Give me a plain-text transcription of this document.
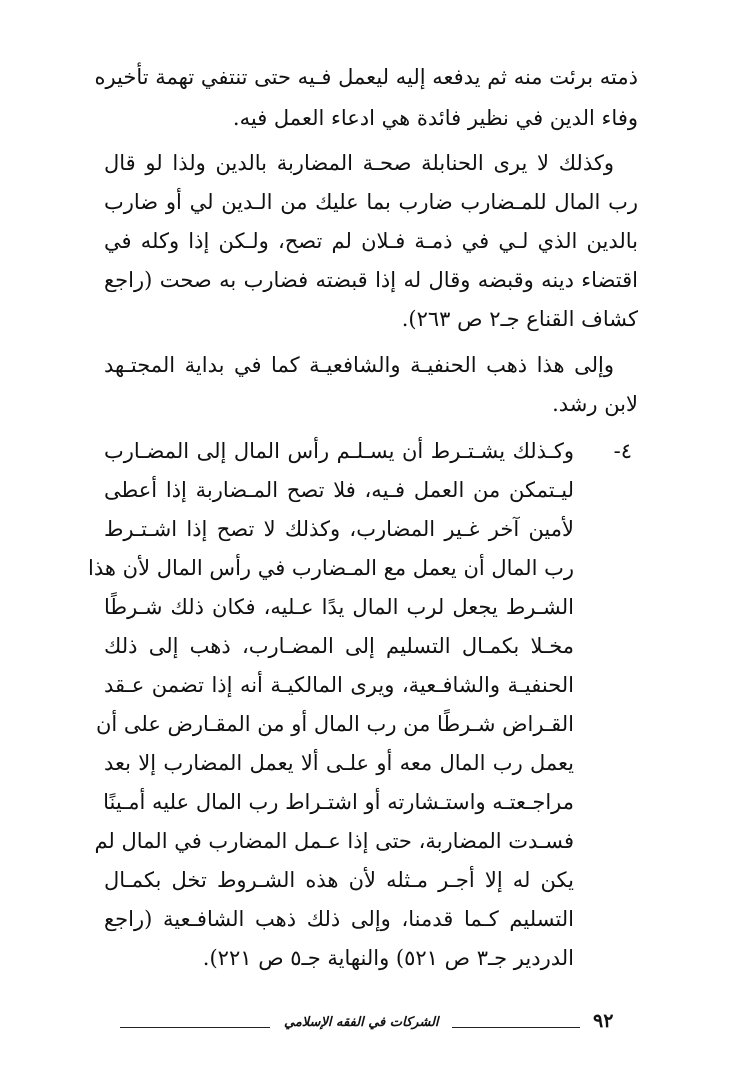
ذمته برئت منه ثم يدفعه إليه ليعمل فـيه حتى تنتفي تهمة تأخيره
وفاء الدين في نظير فائدة هي ادعاء العمل فيه.
وكذلك لا يرى الحنابلة صحـة المضاربة بالدين ولذا لو قال
رب المال للمـضارب ضارب بما عليك من الـدين لي أو ضارب
بالدين الذي لـي في ذمـة فـلان لم تصح، ولـكن إذا وكله في
اقتضاء دينه وقبضه وقال له إذا قبضته فضارب به صحت (راجع
كشاف القناع جـ٢ ص ٢٦٣).
وإلى هذا ذهب الحنفيـة والشافعيـة كما في بداية المجتـهد
لابن رشد.
٤-
وكـذلك يشـتـرط أن يسـلـم رأس المال إلى المضـارب
ليـتمكن من العمل فـيه، فلا تصح المـضاربة إذا أعطى
لأمين آخر غـير المضارب، وكذلك لا تصح إذا اشـتـرط
رب المال أن يعمل مع المـضارب في رأس المال لأن هذا
الشـرط يجعل لرب المال يدًا عـليه، فكان ذلك شـرطًا
مخـلا بكمـال التسليم إلى المضـارب، ذهب إلى ذلك
الحنفيـة والشافـعية، ويرى المالكيـة أنه إذا تضمن عـقد
القـراض شـرطًا من رب المال أو من المقـارض على أن
يعمل رب المال معه أو علـى ألا يعمل المضارب إلا بعد
مراجـعتـه واستـشارته أو اشتـراط رب المال عليه أمـينًا
فسـدت المضاربة، حتى إذا عـمل المضارب في المال لم
يكن له إلا أجـر مـثله لأن هذه الشـروط تخل بكمـال
التسليم كـما قدمنا، وإلى ذلك ذهب الشافـعية (راجع
الدردير جـ٣ ص ٥٢١) والنهاية جـ٥ ص ٢٢١).
٩٢
الشركات في الفقه الإسلامي
